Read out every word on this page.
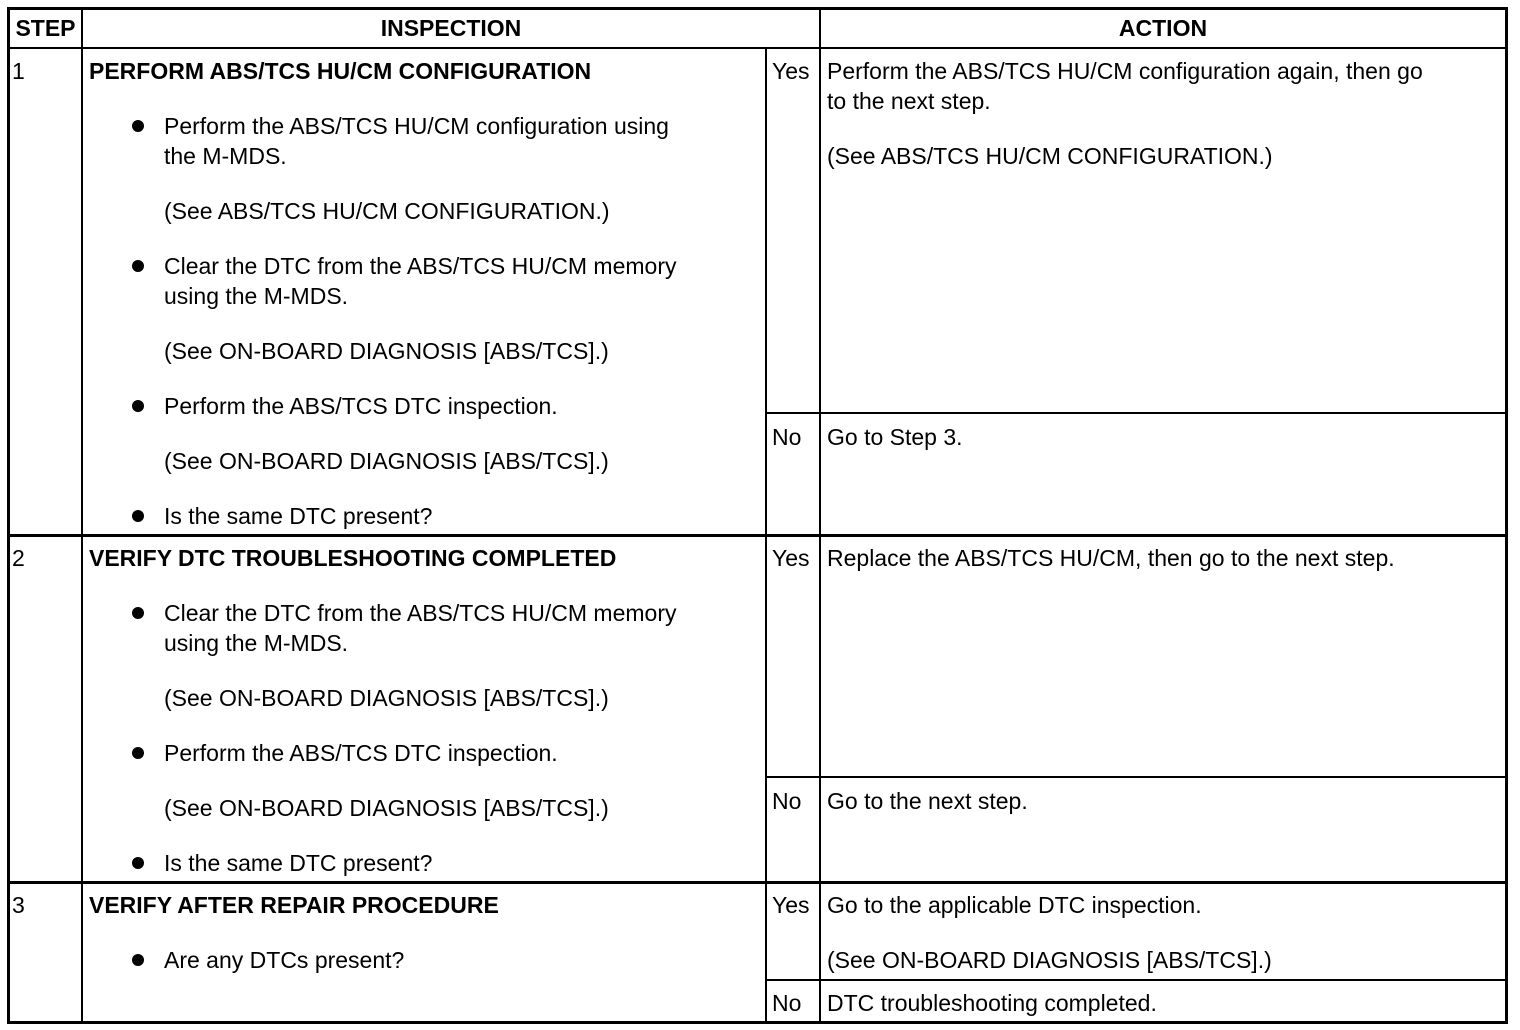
STEP	INSPECTION	ACTION
1	PERFORM ABS/TCS HU/CM CONFIGURATION
Perform the ABS/TCS HU/CM configuration using
the M-MDS.
(See ABS/TCS HU/CM CONFIGURATION.)
Clear the DTC from the ABS/TCS HU/CM memory
using the M-MDS.
(See ON-BOARD DIAGNOSIS [ABS/TCS].)
Perform the ABS/TCS DTC inspection.
(See ON-BOARD DIAGNOSIS [ABS/TCS].)
Is the same DTC present?
Yes Perform the ABS/TCS HU/CM configuration again, then go
to the next step.
(See ABS/TCS HU/CM CONFIGURATION.)
No Go to Step 3.
2	VERIFY DTC TROUBLESHOOTING COMPLETED
Clear the DTC from the ABS/TCS HU/CM memory
using the M-MDS.
(See ON-BOARD DIAGNOSIS [ABS/TCS].)
Perform the ABS/TCS DTC inspection.
(See ON-BOARD DIAGNOSIS [ABS/TCS].)
Is the same DTC present?
Yes Replace the ABS/TCS HU/CM, then go to the next step.
No Go to the next step.
3	VERIFY AFTER REPAIR PROCEDURE
Are any DTCs present?
Yes Go to the applicable DTC inspection.
(See ON-BOARD DIAGNOSIS [ABS/TCS].)
No DTC troubleshooting completed.
